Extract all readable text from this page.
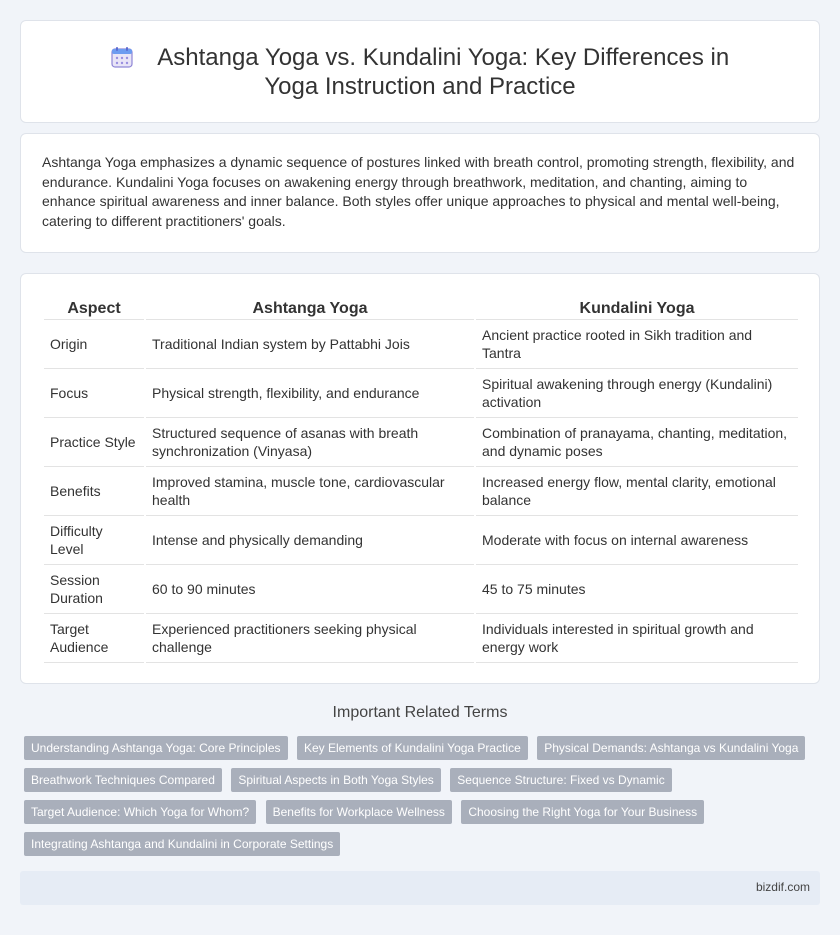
Ashtanga Yoga vs. Kundalini Yoga: Key Differences in Yoga Instruction and Practice

Ashtanga Yoga emphasizes a dynamic sequence of postures linked with breath control, promoting strength, flexibility, and endurance. Kundalini Yoga focuses on awakening energy through breathwork, meditation, and chanting, aiming to enhance spiritual awareness and inner balance. Both styles offer unique approaches to physical and mental well-being, catering to different practitioners' goals.

Aspect	Ashtanga Yoga	Kundalini Yoga
Origin	Traditional Indian system by Pattabhi Jois	Ancient practice rooted in Sikh tradition and Tantra
Focus	Physical strength, flexibility, and endurance	Spiritual awakening through energy (Kundalini) activation
Practice Style	Structured sequence of asanas with breath synchronization (Vinyasa)	Combination of pranayama, chanting, meditation, and dynamic poses
Benefits	Improved stamina, muscle tone, cardiovascular health	Increased energy flow, mental clarity, emotional balance
Difficulty Level	Intense and physically demanding	Moderate with focus on internal awareness
Session Duration	60 to 90 minutes	45 to 75 minutes
Target Audience	Experienced practitioners seeking physical challenge	Individuals interested in spiritual growth and energy work
Important Related Terms
Understanding Ashtanga Yoga: Core Principles Key Elements of Kundalini Yoga Practice Physical Demands: Ashtanga vs Kundalini Yoga Breathwork Techniques Compared Spiritual Aspects in Both Yoga Styles Sequence Structure: Fixed vs Dynamic Target Audience: Which Yoga for Whom? Benefits for Workplace Wellness Choosing the Right Yoga for Your Business Integrating Ashtanga and Kundalini in Corporate Settings
bizdif.com
